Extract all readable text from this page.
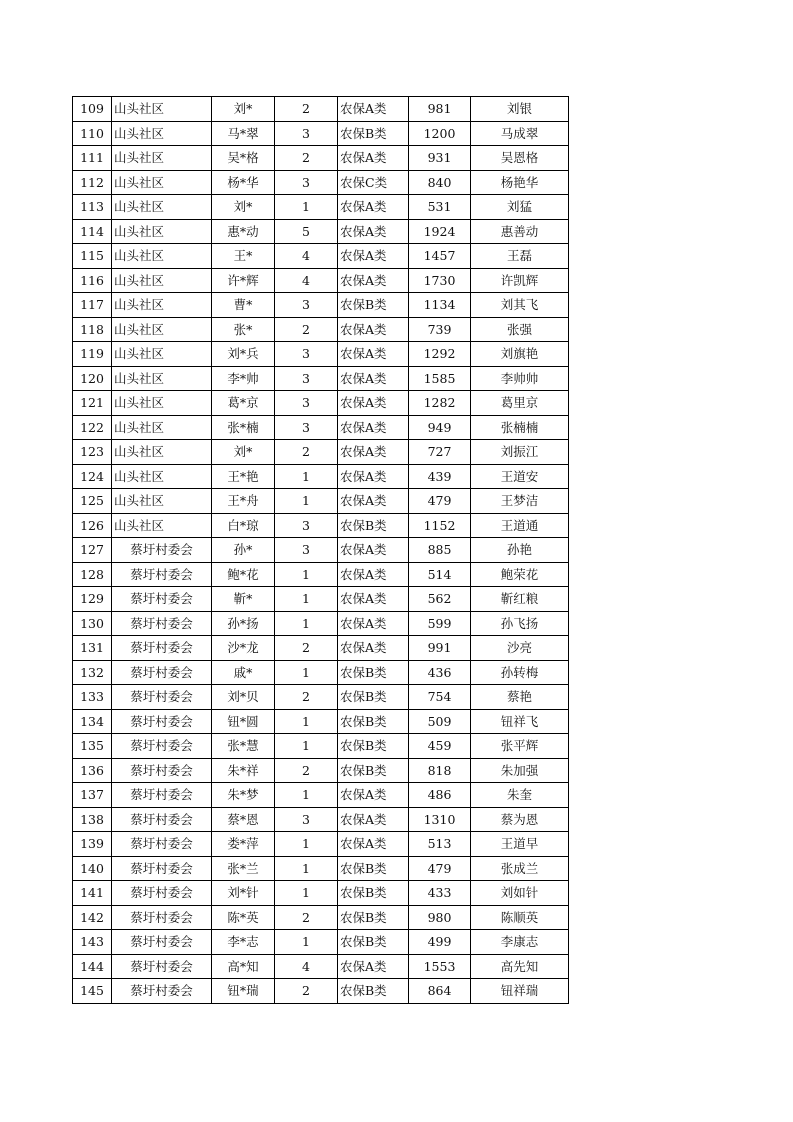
109	山头社区	刘*	2	农保A类	981	刘银
110	山头社区	马*翠	3	农保B类	1200	马成翠
111	山头社区	吴*格	2	农保A类	931	吴恩格
112	山头社区	杨*华	3	农保C类	840	杨艳华
113	山头社区	刘*	1	农保A类	531	刘猛
114	山头社区	惠*动	5	农保A类	1924	惠善动
115	山头社区	王*	4	农保A类	1457	王磊
116	山头社区	许*辉	4	农保A类	1730	许凯辉
117	山头社区	曹*	3	农保B类	1134	刘其飞
118	山头社区	张*	2	农保A类	739	张强
119	山头社区	刘*兵	3	农保A类	1292	刘旗艳
120	山头社区	李*帅	3	农保A类	1585	李帅帅
121	山头社区	葛*京	3	农保A类	1282	葛里京
122	山头社区	张*楠	3	农保A类	949	张楠楠
123	山头社区	刘*	2	农保A类	727	刘振江
124	山头社区	王*艳	1	农保A类	439	王道安
125	山头社区	王*舟	1	农保A类	479	王梦洁
126	山头社区	白*琼	3	农保B类	1152	王道通
127	蔡圩村委会	孙*	3	农保A类	885	孙艳
128	蔡圩村委会	鲍*花	1	农保A类	514	鲍荣花
129	蔡圩村委会	靳*	1	农保A类	562	靳红粮
130	蔡圩村委会	孙*扬	1	农保A类	599	孙飞扬
131	蔡圩村委会	沙*龙	2	农保A类	991	沙亮
132	蔡圩村委会	戚*	1	农保B类	436	孙转梅
133	蔡圩村委会	刘*贝	2	农保B类	754	蔡艳
134	蔡圩村委会	钮*圆	1	农保B类	509	钮祥飞
135	蔡圩村委会	张*慧	1	农保B类	459	张平辉
136	蔡圩村委会	朱*祥	2	农保B类	818	朱加强
137	蔡圩村委会	朱*梦	1	农保A类	486	朱奎
138	蔡圩村委会	蔡*恩	3	农保A类	1310	蔡为恩
139	蔡圩村委会	娄*萍	1	农保A类	513	王道早
140	蔡圩村委会	张*兰	1	农保B类	479	张成兰
141	蔡圩村委会	刘*针	1	农保B类	433	刘如针
142	蔡圩村委会	陈*英	2	农保B类	980	陈顺英
143	蔡圩村委会	李*志	1	农保B类	499	李康志
144	蔡圩村委会	高*知	4	农保A类	1553	高先知
145	蔡圩村委会	钮*瑞	2	农保B类	864	钮祥瑞
